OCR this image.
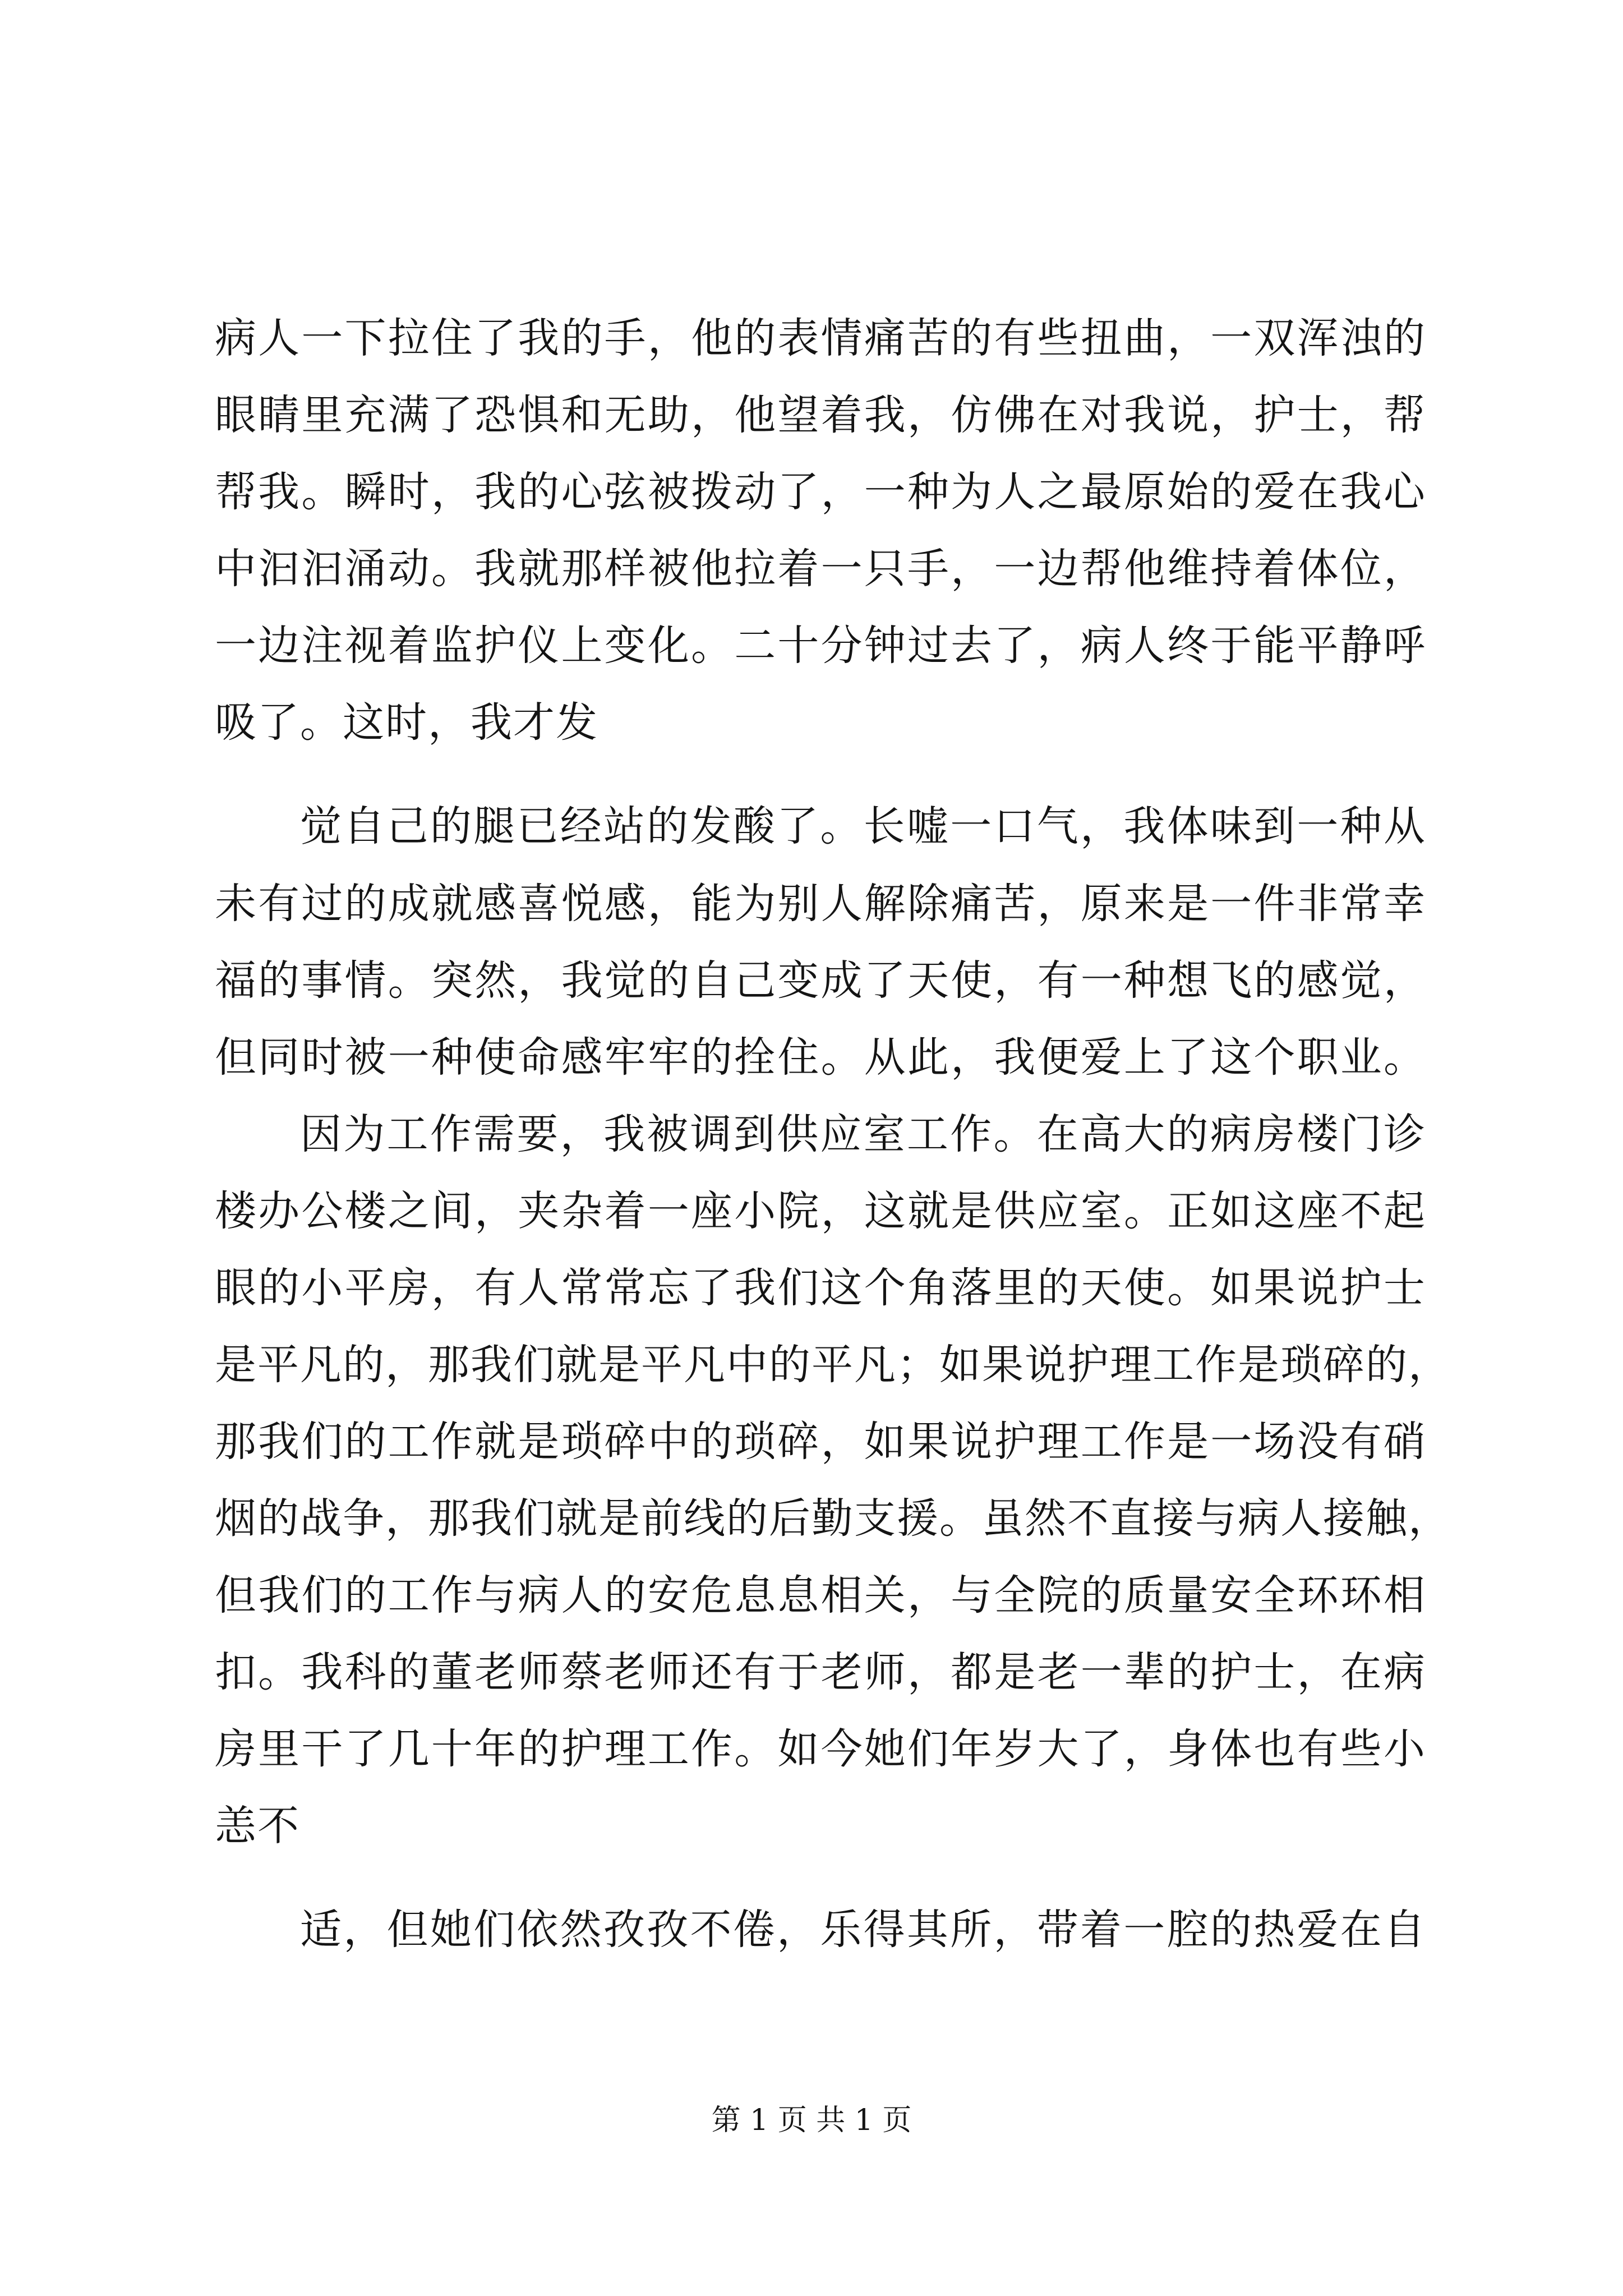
病人一下拉住了我的手，他的表情痛苦的有些扭曲，一双浑浊的
眼睛里充满了恐惧和无助，他望着我，仿佛在对我说，护士，帮
帮我。瞬时，我的心弦被拨动了，一种为人之最原始的爱在我心
中汩汩涌动。我就那样被他拉着一只手，一边帮他维持着体位，
一边注视着监护仪上变化。二十分钟过去了，病人终于能平静呼
吸了。这时，我才发
觉自己的腿已经站的发酸了。长嘘一口气，我体味到一种从
未有过的成就感喜悦感，能为别人解除痛苦，原来是一件非常幸
福的事情。突然，我觉的自己变成了天使，有一种想飞的感觉，
但同时被一种使命感牢牢的拴住。从此，我便爱上了这个职业。
因为工作需要，我被调到供应室工作。在高大的病房楼门诊
楼办公楼之间，夹杂着一座小院，这就是供应室。正如这座不起
眼的小平房，有人常常忘了我们这个角落里的天使。如果说护士
是平凡的，那我们就是平凡中的平凡；如果说护理工作是琐碎的，
那我们的工作就是琐碎中的琐碎，如果说护理工作是一场没有硝
烟的战争，那我们就是前线的后勤支援。虽然不直接与病人接触，
但我们的工作与病人的安危息息相关，与全院的质量安全环环相
扣。我科的董老师蔡老师还有于老师，都是老一辈的护士，在病
房里干了几十年的护理工作。如今她们年岁大了，身体也有些小
恙不
适，但她们依然孜孜不倦，乐得其所，带着一腔的热爱在自
第 1 页 共 1 页
